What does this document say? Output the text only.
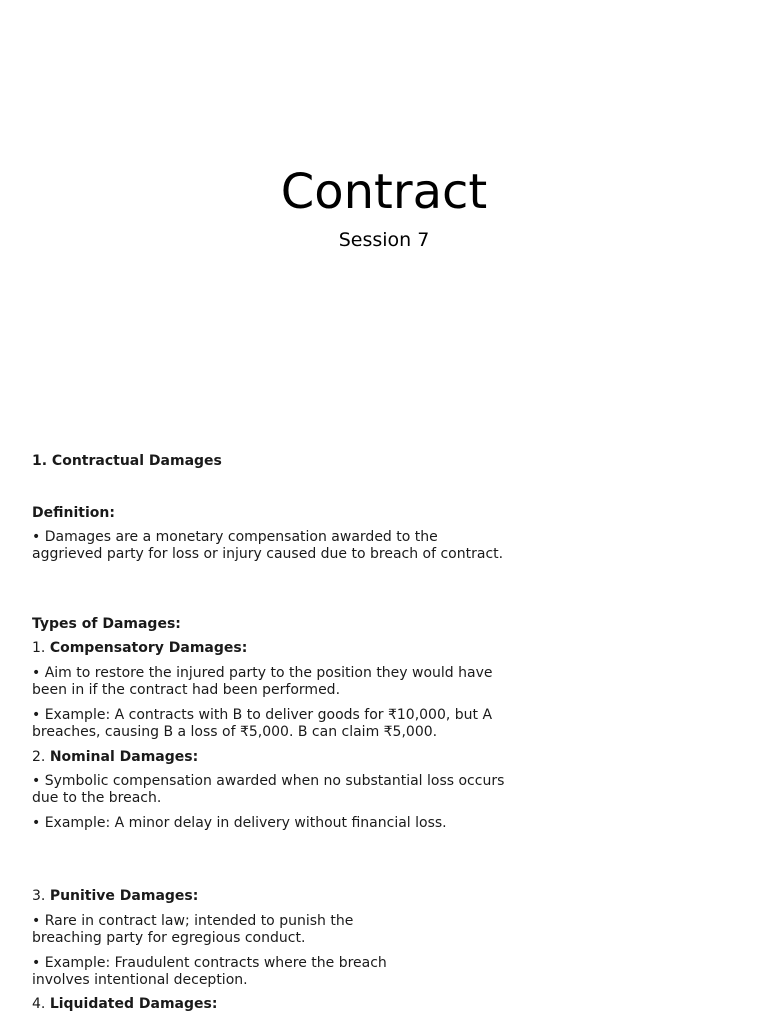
Contract
Session 7

1. Contractual Damages

Definition:

• Damages are a monetary compensation awarded to the aggrieved party for loss or injury caused due to breach of contract.

Types of Damages:

1. Compensatory Damages:

• Aim to restore the injured party to the position they would have been in if the contract had been performed.

• Example: A contracts with B to deliver goods for ₹10,000, but A breaches, causing B a loss of ₹5,000. B can claim ₹5,000.

2. Nominal Damages:

• Symbolic compensation awarded when no substantial loss occurs due to the breach.

• Example: A minor delay in delivery without financial loss.

3. Punitive Damages:

• Rare in contract law; intended to punish the breaching party for egregious conduct.

• Example: Fraudulent contracts where the breach involves intentional deception.

4. Liquidated Damages:
